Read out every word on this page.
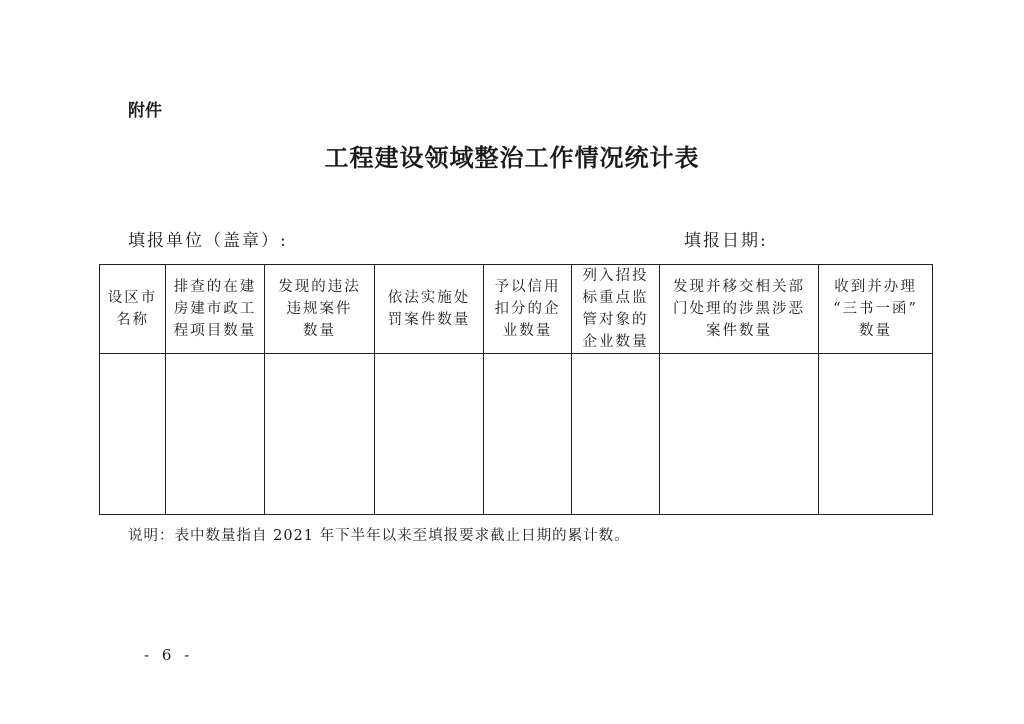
附件
工程建设领域整治工作情况统计表
填报单位（盖章）:	填报日期:
设区市
名称	排查的在建
房建市政工
程项目数量	发现的违法
违规案件
数量	依法实施处
罚案件数量	予以信用
扣分的企
业数量	列入招投
标重点监
管对象的
企业数量	发现并移交相关部
门处理的涉黑涉恶
案件数量	收到并办理
“三书一函”
数量

说明：表中数量指自 2021 年下半年以来至填报要求截止日期的累计数。
- 6 -
